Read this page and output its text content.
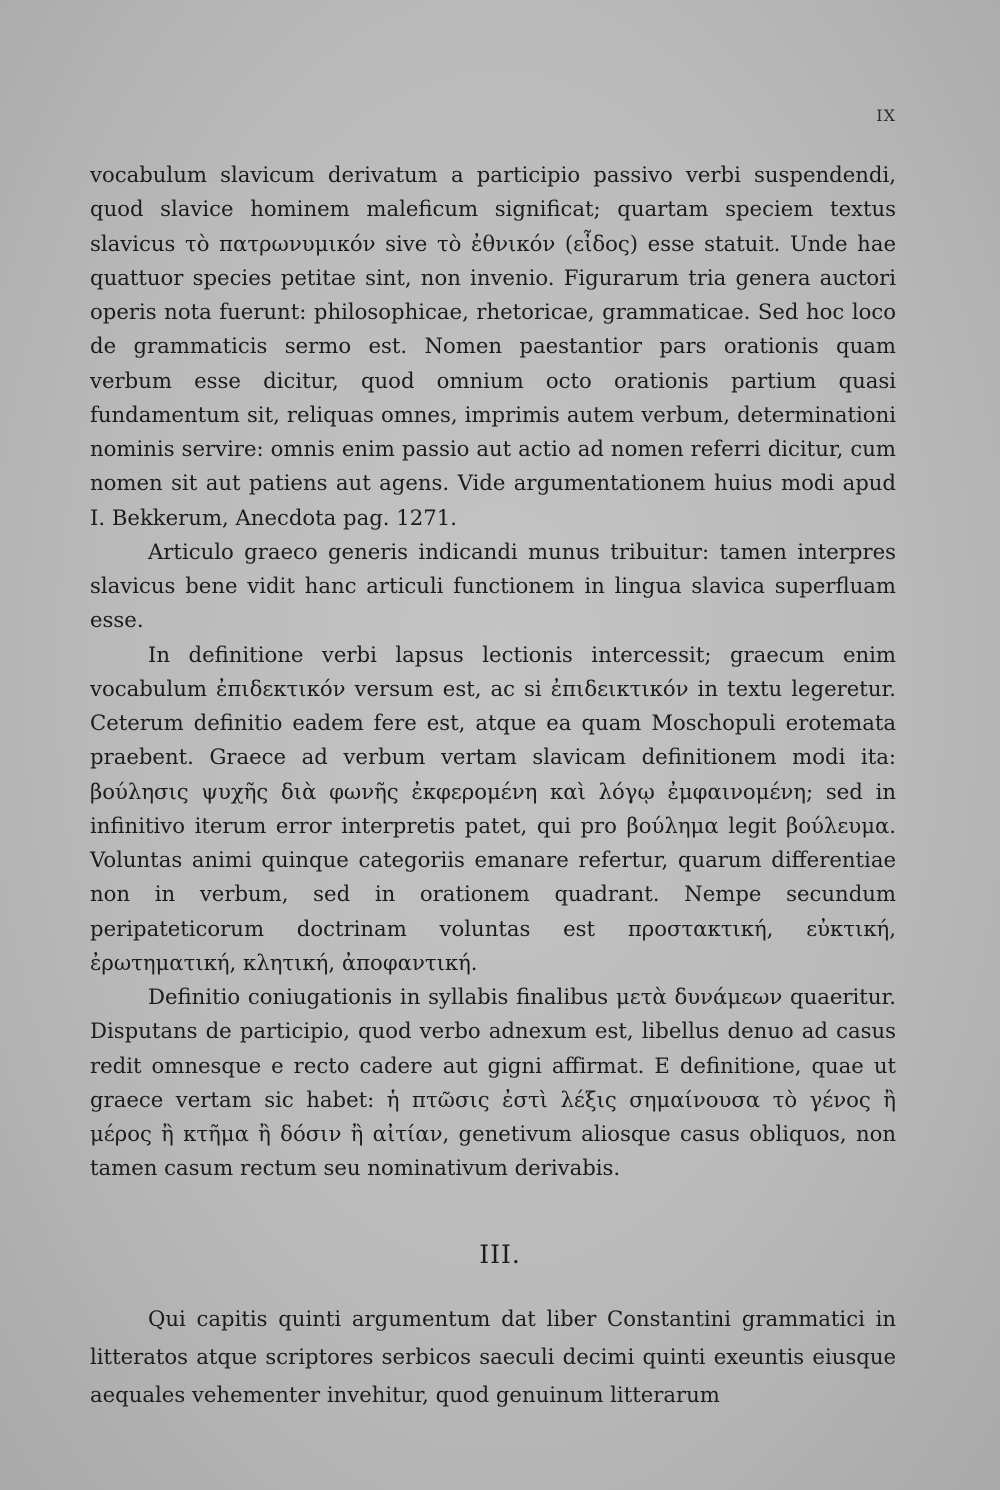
IX

vocabulum slavicum derivatum a participio passivo verbi suspendendi, quod slavice hominem maleficum significat; quartam speciem textus slavicus τὸ πατρωνυμικόν sive τὸ ἐθνικόν (εἶδος) esse statuit. Unde hae quattuor species petitae sint, non invenio. Figurarum tria genera auctori operis nota fuerunt: philosophicae, rhetoricae, grammaticae. Sed hoc loco de grammaticis sermo est. Nomen paestantior pars orationis quam verbum esse dicitur, quod omnium octo orationis partium quasi fundamentum sit, reliquas omnes, imprimis autem verbum, determinationi nominis servire: omnis enim passio aut actio ad nomen referri dicitur, cum nomen sit aut patiens aut agens. Vide argumentationem huius modi apud I. Bekkerum, Anecdota pag. 1271.

Articulo graeco generis indicandi munus tribuitur: tamen interpres slavicus bene vidit hanc articuli functionem in lingua slavica superfluam esse.

In definitione verbi lapsus lectionis intercessit; graecum enim vocabulum ἐπιδεκτικόν versum est, ac si ἐπιδεικτικόν in textu legeretur. Ceterum definitio eadem fere est, atque ea quam Moschopuli erotemata praebent. Graece ad verbum vertam slavicam definitionem modi ita: βούλησις ψυχῆς διὰ φωνῆς ἐκφερομένη καὶ λόγῳ ἐμφαινομένη; sed in infinitivo iterum error interpretis patet, qui pro βούλημα legit βούλευμα. Voluntas animi quinque categoriis emanare refertur, quarum differentiae non in verbum, sed in orationem quadrant. Nempe secundum peripateticorum doctrinam voluntas est προστακτική, εὐκτική, ἐρωτηματική, κλητική, ἀποφαντική.

Definitio coniugationis in syllabis finalibus μετὰ δυνάμεων quaeritur. Disputans de participio, quod verbo adnexum est, libellus denuo ad casus redit omnesque e recto cadere aut gigni affirmat. E definitione, quae ut graece vertam sic habet: ἡ πτῶσις ἐστὶ λέξις σημαίνουσα τὸ γένος ἢ μέρος ἢ κτῆμα ἢ δόσιν ἢ αἰτίαν, genetivum aliosque casus obliquos, non tamen casum rectum seu nominativum derivabis.

III.

Qui capitis quinti argumentum dat liber Constantini grammatici in litteratos atque scriptores serbicos saeculi decimi quinti exeuntis eiusque aequales vehementer invehitur, quod genuinum litterarum
